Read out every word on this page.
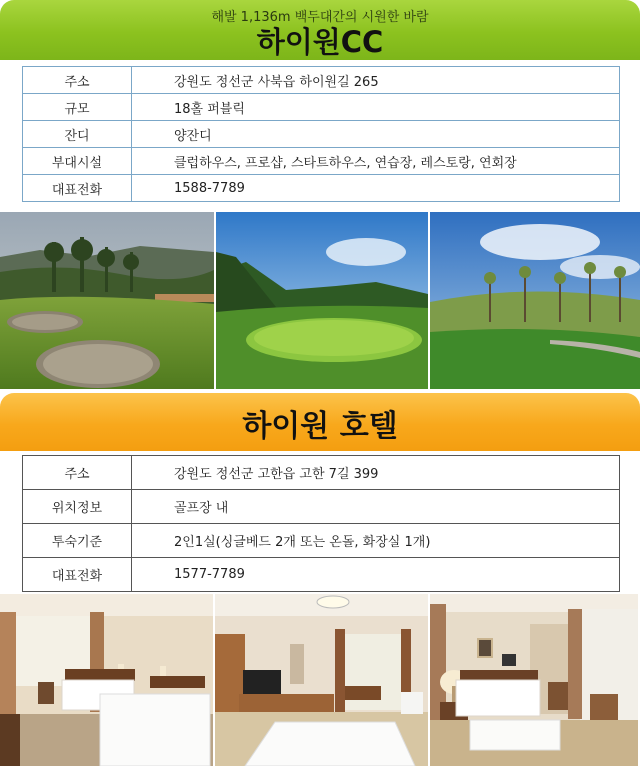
해발 1,136m 백두대간의 시원한 바람
하이원CC
주소	강원도 정선군 사북읍 하이원길 265
규모	18홀 퍼블릭
잔디	양잔디
부대시설	클럽하우스, 프로샵, 스타트하우스, 연습장, 레스토랑, 연회장
대표전화	1588-7789
하이원 호텔
주소	강원도 정선군 고한읍 고한 7길 399
위치정보	골프장 내
투숙기준	2인1실(싱글베드 2개 또는 온돌, 화장실 1개)
대표전화	1577-7789
